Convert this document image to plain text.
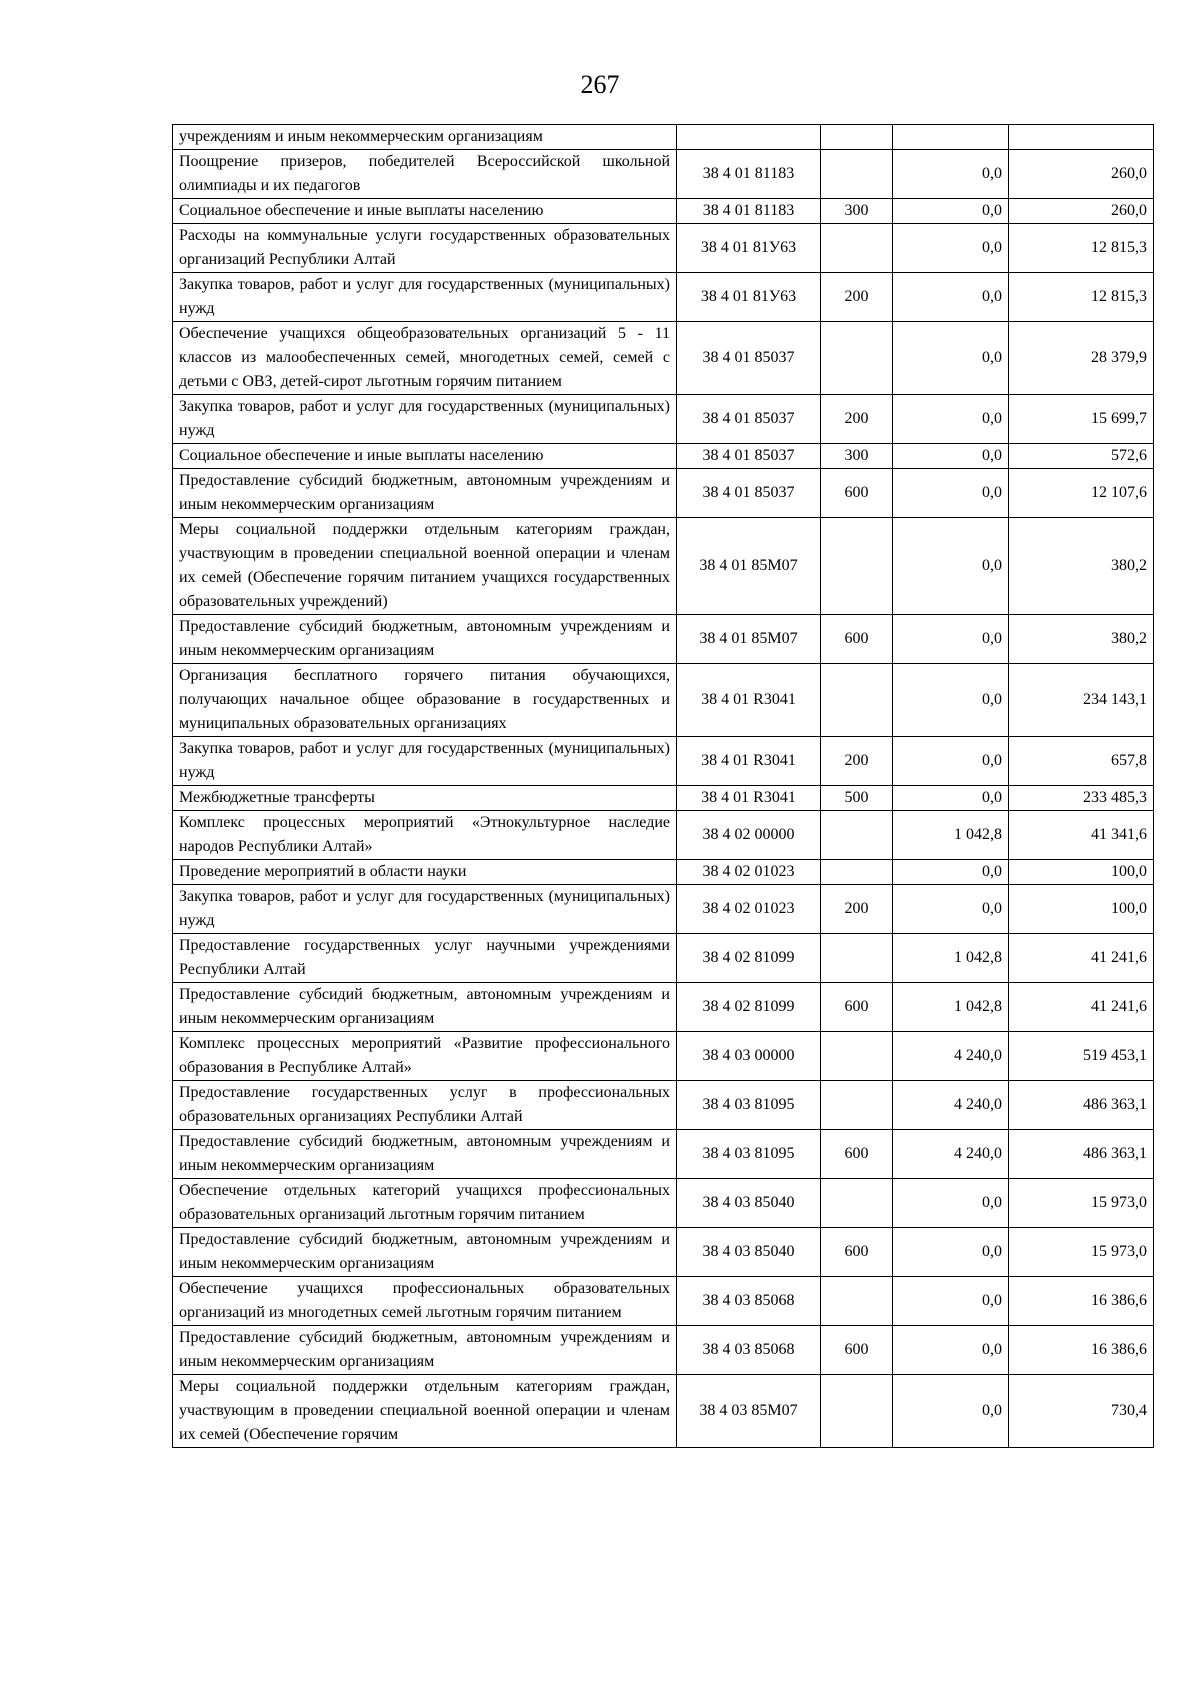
267
учреждениям и иным некоммерческим организациям				
Поощрение призеров, победителей Всероссийской школьной олимпиады и их педагогов	38 4 01 81183		0,0	260,0
Социальное обеспечение и иные выплаты населению	38 4 01 81183	300	0,0	260,0
Расходы на коммунальные услуги государственных образовательных организаций Республики Алтай	38 4 01 81У63		0,0	12 815,3
Закупка товаров, работ и услуг для государственных (муниципальных) нужд	38 4 01 81У63	200	0,0	12 815,3
Обеспечение учащихся общеобразовательных организаций 5 - 11 классов из малообеспеченных семей, многодетных семей, семей с детьми с ОВЗ, детей-сирот льготным горячим питанием	38 4 01 85037		0,0	28 379,9
Закупка товаров, работ и услуг для государственных (муниципальных) нужд	38 4 01 85037	200	0,0	15 699,7
Социальное обеспечение и иные выплаты населению	38 4 01 85037	300	0,0	572,6
Предоставление субсидий бюджетным, автономным учреждениям и иным некоммерческим организациям	38 4 01 85037	600	0,0	12 107,6
Меры социальной поддержки отдельным категориям граждан, участвующим в проведении специальной военной операции и членам их семей (Обеспечение горячим питанием учащихся государственных образовательных учреждений)	38 4 01 85М07		0,0	380,2
Предоставление субсидий бюджетным, автономным учреждениям и иным некоммерческим организациям	38 4 01 85М07	600	0,0	380,2
Организация бесплатного горячего питания обучающихся, получающих начальное общее образование в государственных и муниципальных образовательных организациях	38 4 01 R3041		0,0	234 143,1
Закупка товаров, работ и услуг для государственных (муниципальных) нужд	38 4 01 R3041	200	0,0	657,8
Межбюджетные трансферты	38 4 01 R3041	500	0,0	233 485,3
Комплекс процессных мероприятий «Этнокультурное наследие народов Республики Алтай»	38 4 02 00000		1 042,8	41 341,6
Проведение мероприятий в области науки	38 4 02 01023		0,0	100,0
Закупка товаров, работ и услуг для государственных (муниципальных) нужд	38 4 02 01023	200	0,0	100,0
Предоставление государственных услуг научными учреждениями Республики Алтай	38 4 02 81099		1 042,8	41 241,6
Предоставление субсидий бюджетным, автономным учреждениям и иным некоммерческим организациям	38 4 02 81099	600	1 042,8	41 241,6
Комплекс процессных мероприятий «Развитие профессионального образования в Республике Алтай»	38 4 03 00000		4 240,0	519 453,1
Предоставление государственных услуг в профессиональных образовательных организациях Республики Алтай	38 4 03 81095		4 240,0	486 363,1
Предоставление субсидий бюджетным, автономным учреждениям и иным некоммерческим организациям	38 4 03 81095	600	4 240,0	486 363,1
Обеспечение отдельных категорий учащихся профессиональных образовательных организаций льготным горячим питанием	38 4 03 85040		0,0	15 973,0
Предоставление субсидий бюджетным, автономным учреждениям и иным некоммерческим организациям	38 4 03 85040	600	0,0	15 973,0
Обеспечение учащихся профессиональных образовательных организаций из многодетных семей льготным горячим питанием	38 4 03 85068		0,0	16 386,6
Предоставление субсидий бюджетным, автономным учреждениям и иным некоммерческим организациям	38 4 03 85068	600	0,0	16 386,6
Меры социальной поддержки отдельным категориям граждан, участвующим в проведении специальной военной операции и членам их семей (Обеспечение горячим	38 4 03 85М07		0,0	730,4
